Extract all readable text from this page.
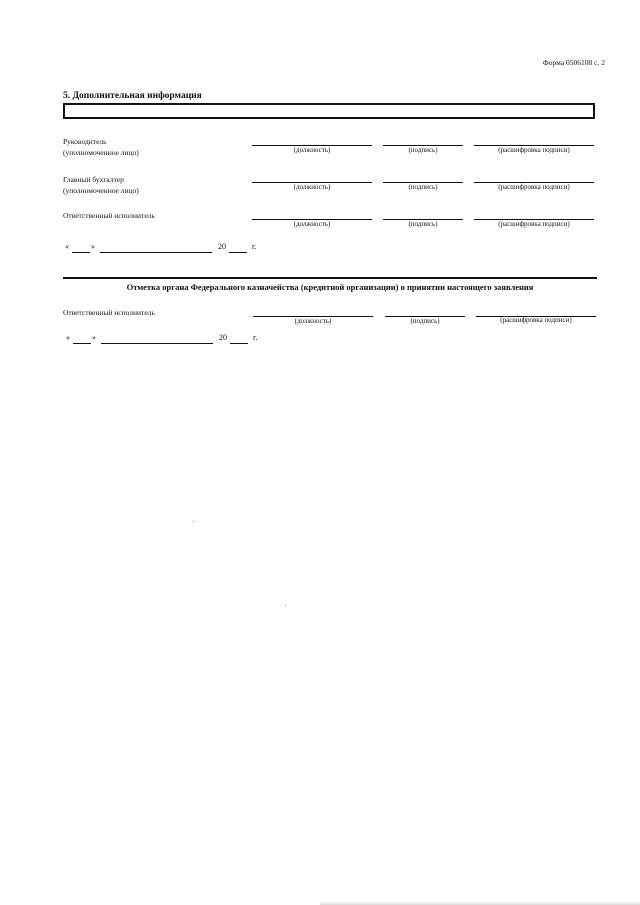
Форма 0506108 с. 2
5. Дополнительная информация
Руководитель
(уполномоченное лицо)	(должность)	(подпись)	(расшифровка подписи)
Главный бухгалтер
(уполномоченное лицо)	(должность)	(подпись)	(расшифровка подписи)
Ответственный исполнитель
(должность)	(подпись)	(расшифровка подписи)
«	»	20	г.
Отметка органа Федерального казначейства (кредитной организации) о принятии настоящего заявления
Ответственный исполнитель
(должность)	(подпись)	(расшифровка подписи)
«	»	20	г.
